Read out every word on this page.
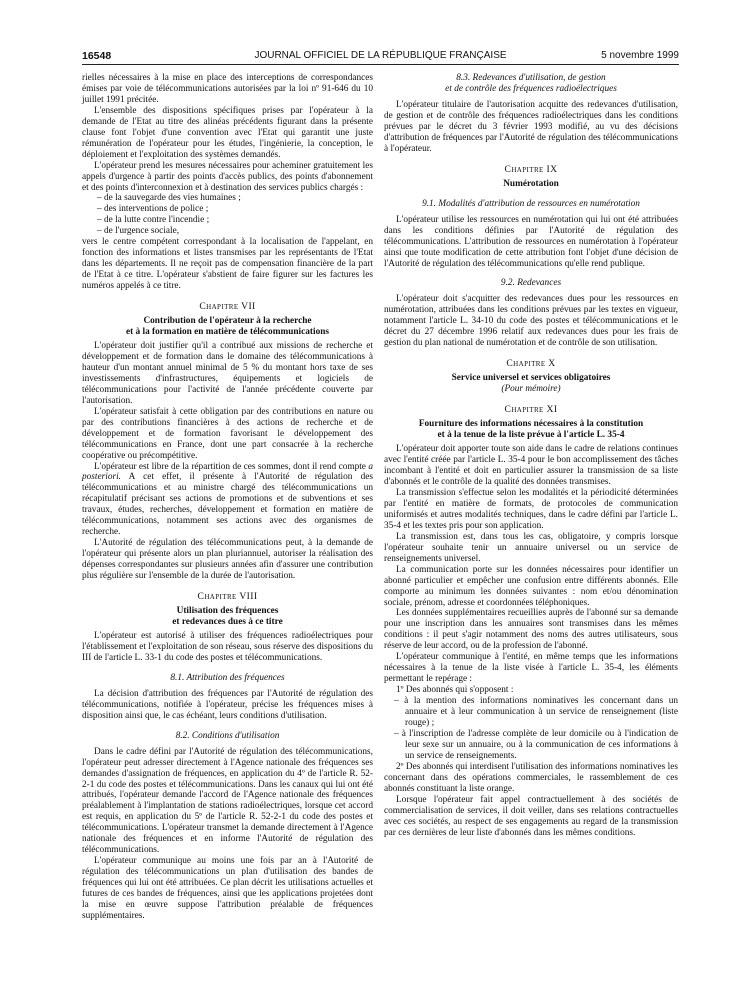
16548	JOURNAL OFFICIEL DE LA RÉPUBLIQUE FRANÇAISE	5 novembre 1999

rielles nécessaires à la mise en place des interceptions de correspondances émises par voie de télécommunications autorisées par la loi nº 91-646 du 10 juillet 1991 précitée.

L'ensemble des dispositions spécifiques prises par l'opérateur à la demande de l'Etat au titre des alinéas précédents figurant dans la présente clause font l'objet d'une convention avec l'Etat qui garantit une juste rémunération de l'opérateur pour les études, l'ingénierie, la conception, le déploiement et l'exploitation des systèmes demandés.

L'opérateur prend les mesures nécessaires pour acheminer gratuitement les appels d'urgence à partir des points d'accès publics, des points d'abonnement et des points d'interconnexion et à destination des services publics chargés :

– de la sauvegarde des vies humaines ;

– des interventions de police ;

– de la lutte contre l'incendie ;

– de l'urgence sociale,

vers le centre compétent correspondant à la localisation de l'appelant, en fonction des informations et listes transmises par les représentants de l'Etat dans les départements. Il ne reçoit pas de compensation financière de la part de l'Etat à ce titre. L'opérateur s'abstient de faire figurer sur les factures les numéros appelés à ce titre.

Chapitre VII
Contribution de l'opérateur à la recherche
et à la formation en matière de télécommunications

L'opérateur doit justifier qu'il a contribué aux missions de recherche et développement et de formation dans le domaine des télécommunications à hauteur d'un montant annuel minimal de 5 % du montant hors taxe de ses investissements d'infrastructures, équipements et logiciels de télécommunications pour l'activité de l'année précédente couverte par l'autorisation.

L'opérateur satisfait à cette obligation par des contributions en nature ou par des contributions financières à des actions de recherche et de développement et de formation favorisant le développement des télécommunications en France, dont une part consacrée à la recherche coopérative ou précompétitive.

L'opérateur est libre de la répartition de ces sommes, dont il rend compte a posteriori. A cet effet, il présente à l'Autorité de régulation des télécommunications et au ministre chargé des télécommunications un récapitulatif précisant ses actions de promotions et de subventions et ses travaux, études, recherches, développement et formation en matière de télécommunications, notamment ses actions avec des organismes de recherche.

L'Autorité de régulation des télécommunications peut, à la demande de l'opérateur qui présente alors un plan pluriannuel, autoriser la réalisation des dépenses correspondantes sur plusieurs années afin d'assurer une contribution plus régulière sur l'ensemble de la durée de l'autorisation.

Chapitre VIII
Utilisation des fréquences
et redevances dues à ce titre

L'opérateur est autorisé à utiliser des fréquences radioélectriques pour l'établissement et l'exploitation de son réseau, sous réserve des dispositions du III de l'article L. 33-1 du code des postes et télécommunications.

8.1. Attribution des fréquences

La décision d'attribution des fréquences par l'Autorité de régulation des télécommunications, notifiée à l'opérateur, précise les fréquences mises à disposition ainsi que, le cas échéant, leurs conditions d'utilisation.

8.2. Conditions d'utilisation

Dans le cadre défini par l'Autorité de régulation des télécommunications, l'opérateur peut adresser directement à l'Agence nationale des fréquences ses demandes d'assignation de fréquences, en application du 4º de l'article R. 52-2-1 du code des postes et télécommunications. Dans les canaux qui lui ont été attribués, l'opérateur demande l'accord de l'Agence nationale des fréquences préalablement à l'implantation de stations radioélectriques, lorsque cet accord est requis, en application du 5º de l'article R. 52-2-1 du code des postes et télécommunications. L'opérateur transmet la demande directement à l'Agence nationale des fréquences et en informe l'Autorité de régulation des télécommunications.

L'opérateur communique au moins une fois par an à l'Autorité de régulation des télécommunications un plan d'utilisation des bandes de fréquences qui lui ont été attribuées. Ce plan décrit les utilisations actuelles et futures de ces bandes de fréquences, ainsi que les applications projetées dont la mise en œuvre suppose l'attribution préalable de fréquences supplémentaires.

8.3. Redevances d'utilisation, de gestion
et de contrôle des fréquences radioélectriques

L'opérateur titulaire de l'autorisation acquitte des redevances d'utilisation, de gestion et de contrôle des fréquences radioélectriques dans les conditions prévues par le décret du 3 février 1993 modifié, au vu des décisions d'attribution de fréquences par l'Autorité de régulation des télécommunications à l'opérateur.

Chapitre IX
Numérotation
9.1. Modalités d'attribution de ressources en numérotation

L'opérateur utilise les ressources en numérotation qui lui ont été attribuées dans les conditions définies par l'Autorité de régulation des télécommunications. L'attribution de ressources en numérotation à l'opérateur ainsi que toute modification de cette attribution font l'objet d'une décision de l'Autorité de régulation des télécommunications qu'elle rend publique.

9.2. Redevances

L'opérateur doit s'acquitter des redevances dues pour les ressources en numérotation, attribuées dans les conditions prévues par les textes en vigueur, notamment l'article L. 34-10 du code des postes et télécommunications et le décret du 27 décembre 1996 relatif aux redevances dues pour les frais de gestion du plan national de numérotation et de contrôle de son utilisation.

Chapitre X
Service universel et services obligatoires
(Pour mémoire)
Chapitre XI
Fourniture des informations nécessaires à la constitution
et à la tenue de la liste prévue à l'article L. 35-4

L'opérateur doit apporter toute son aide dans le cadre de relations continues avec l'entité créée par l'article L. 35-4 pour le bon accomplissement des tâches incombant à l'entité et doit en particulier assurer la transmission de sa liste d'abonnés et le contrôle de la qualité des données transmises.

La transmission s'effectue selon les modalités et la périodicité déterminées par l'entité en matière de formats, de protocoles de communication uniformisés et autres modalités techniques, dans le cadre défini par l'article L. 35-4 et les textes pris pour son application.

La transmission est, dans tous les cas, obligatoire, y compris lorsque l'opérateur souhaite tenir un annuaire universel ou un service de renseignements universel.

La communication porte sur les données nécessaires pour identifier un abonné particulier et empêcher une confusion entre différents abonnés. Elle comporte au minimum les données suivantes : nom et/ou dénomination sociale, prénom, adresse et coordonnées téléphoniques.

Les données supplémentaires recueillies auprès de l'abonné sur sa demande pour une inscription dans les annuaires sont transmises dans les mêmes conditions : il peut s'agir notamment des noms des autres utilisateurs, sous réserve de leur accord, ou de la profession de l'abonné.

L'opérateur communique à l'entité, en même temps que les informations nécessaires à la tenue de la liste visée à l'article L. 35-4, les éléments permettant le repérage :

1º Des abonnés qui s'opposent :

– à la mention des informations nominatives les concernant dans un annuaire et à leur communication à un service de renseignement (liste rouge) ;

– à l'inscription de l'adresse complète de leur domicile ou à l'indication de leur sexe sur un annuaire, ou à la communication de ces informations à un service de renseignements.

2º Des abonnés qui interdisent l'utilisation des informations nominatives les concernant dans des opérations commerciales, le rassemblement de ces abonnés constituant la liste orange.

Lorsque l'opérateur fait appel contractuellement à des sociétés de commercialisation de services, il doit veiller, dans ses relations contractuelles avec ces sociétés, au respect de ses engagements au regard de la transmission par ces dernières de leur liste d'abonnés dans les mêmes conditions.
